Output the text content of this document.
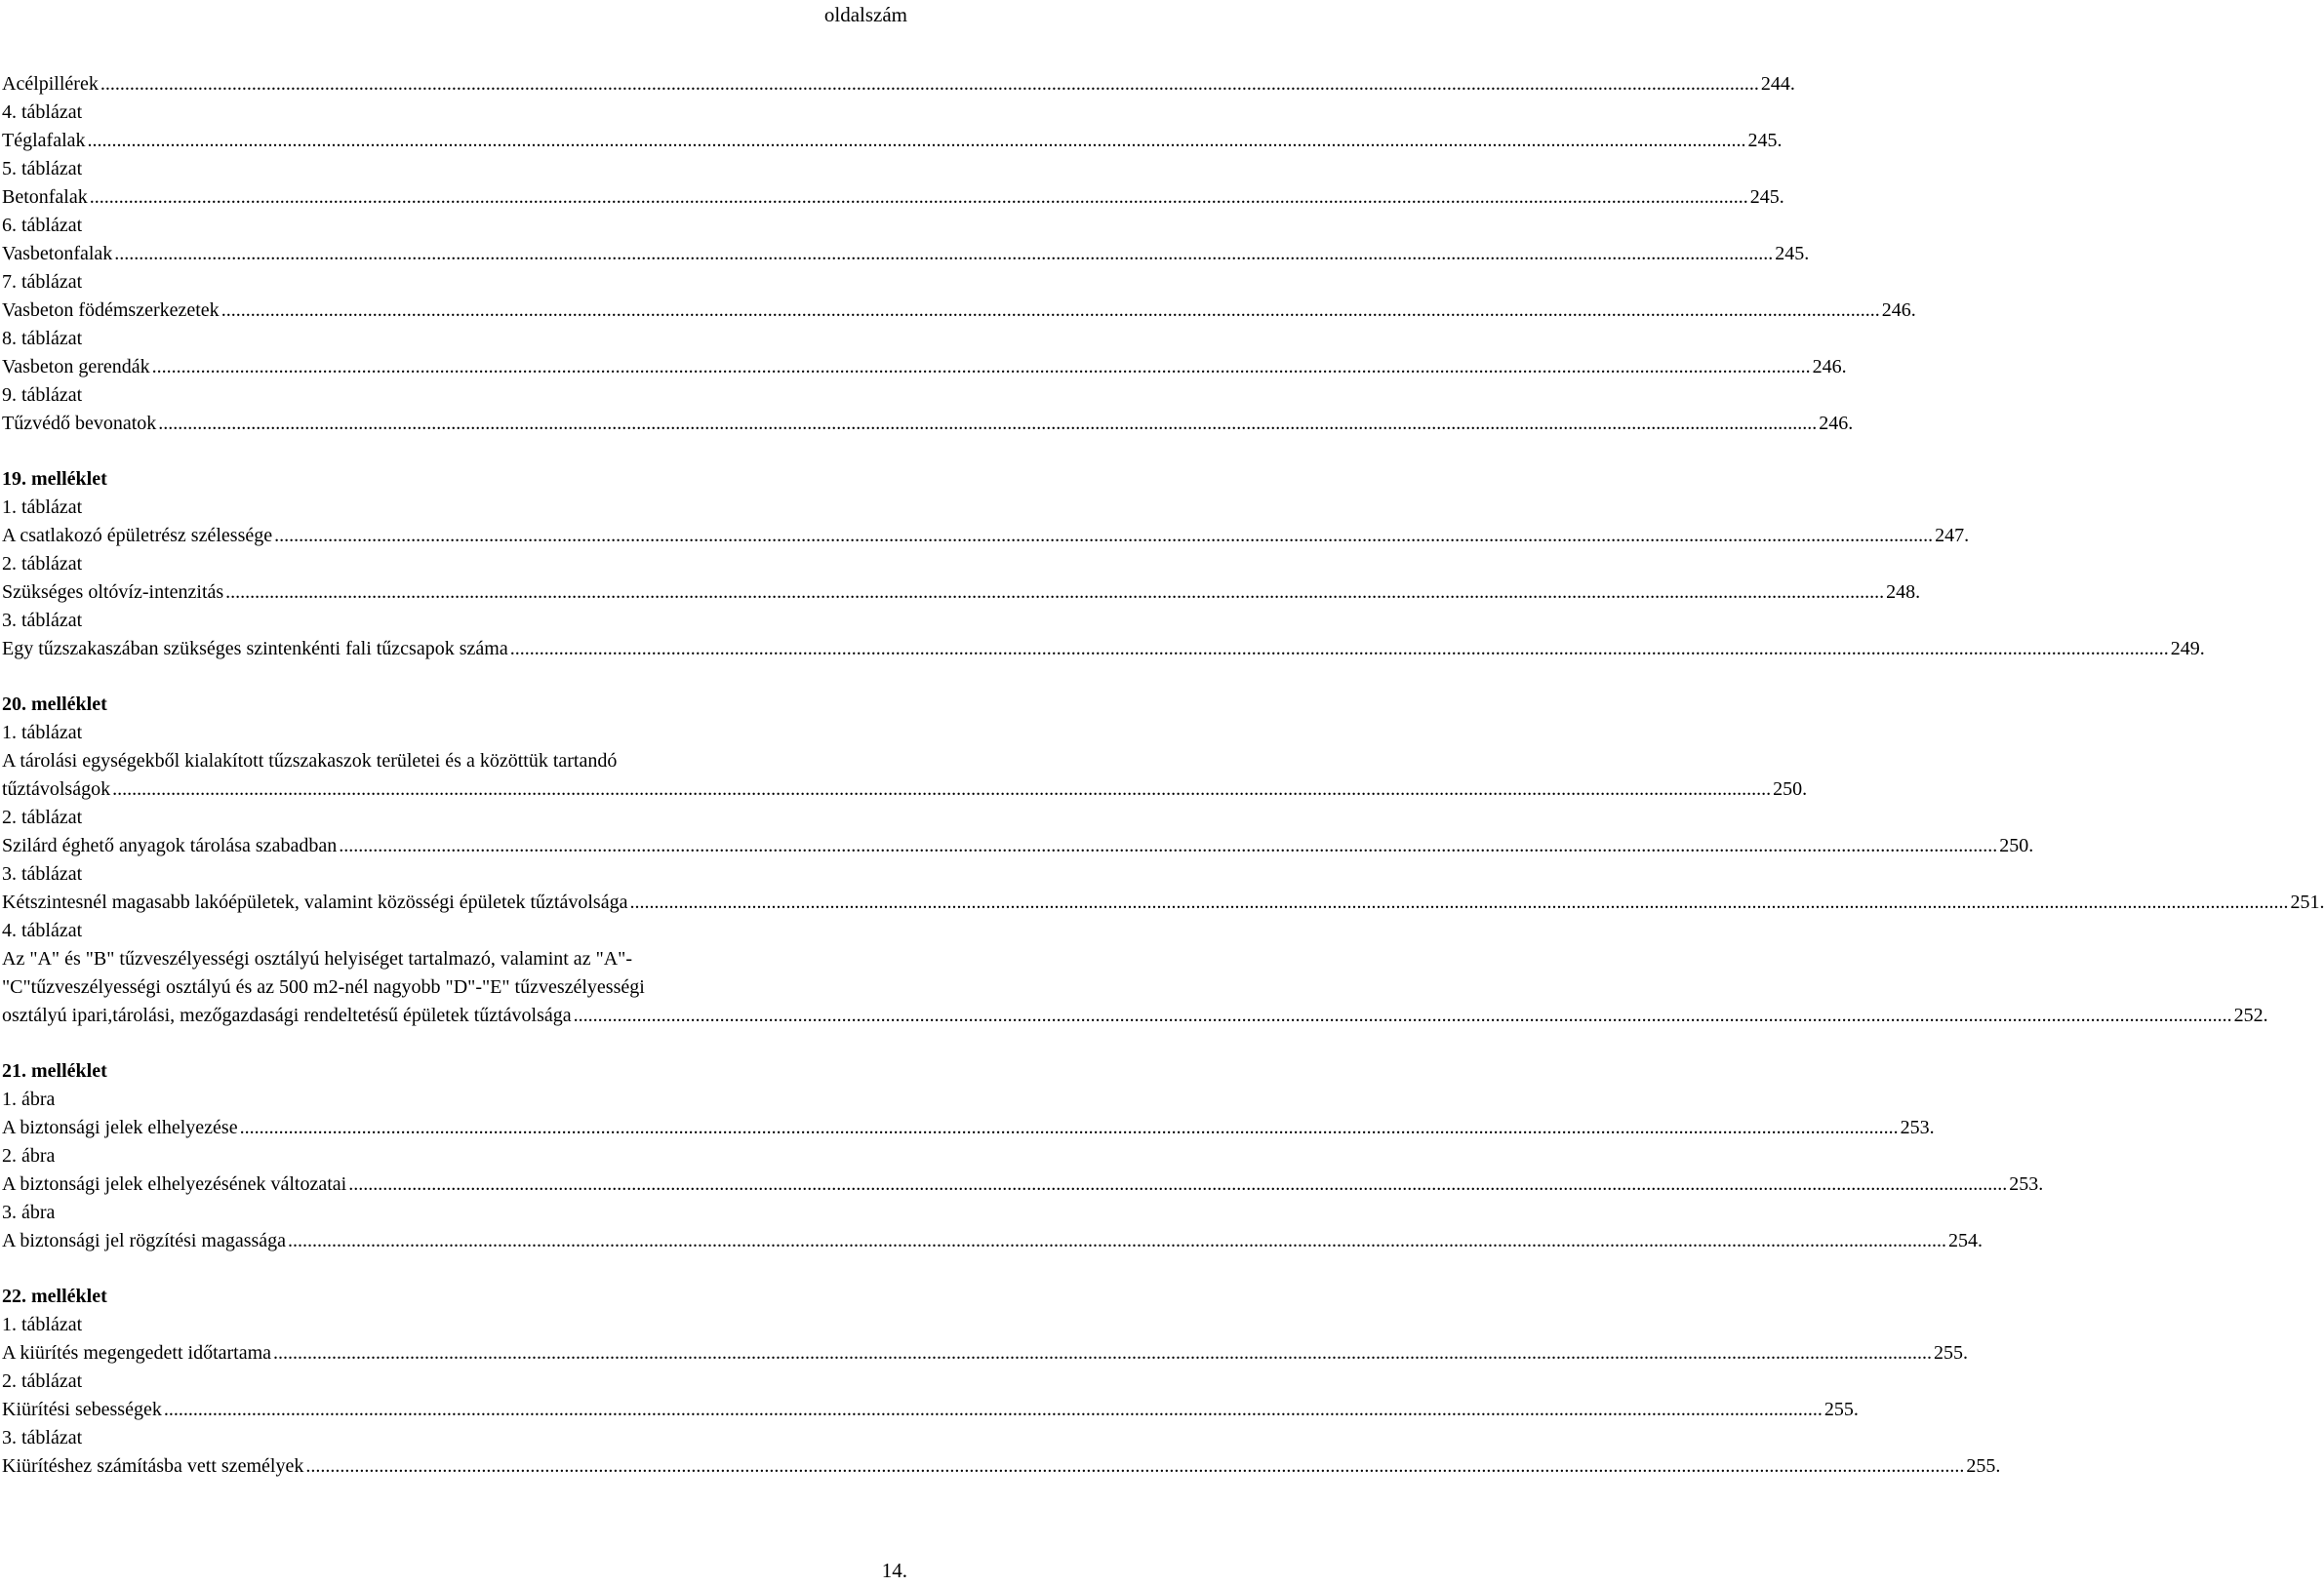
oldalszám
Acélpillérek .....	244.
4. táblázat
Téglafalak .....	245.
5. táblázat
Betonfalak .....	245.
6. táblázat
Vasbetonfalak .....	245.
7. táblázat
Vasbeton födémszerkezetek .....	246.
8. táblázat
Vasbeton gerendák .....	246.
9. táblázat
Tűzvédő bevonatok .....	246.
19. melléklet
1. táblázat
A csatlakozó épületrész szélessége .....	247.
2. táblázat
Szükséges oltóvíz-intenzitás .....	248.
3. táblázat
Egy tűzszakaszában szükséges szintenkénti fali tűzcsapok száma .....	249.
20. melléklet
1. táblázat
A tárolási egységekből kialakított tűzszakaszok területei és a közöttük tartandó
tűztávolságok .....	250.
2. táblázat
Szilárd éghető anyagok tárolása szabadban .....	250.
3. táblázat
Kétszintesnél magasabb lakóépületek, valamint közösségi épületek tűztávolsága .....	251.
4. táblázat
Az "A" és "B" tűzveszélyességi osztályú helyiséget tartalmazó, valamint az "A"-
"C"tűzveszélyességi osztályú és az 500 m2-nél nagyobb "D"-"E" tűzveszélyességi
osztályú ipari,tárolási, mezőgazdasági rendeltetésű épületek tűztávolsága .....	252.
21. melléklet
1. ábra
A biztonsági jelek elhelyezése .....	253.
2. ábra
A biztonsági jelek elhelyezésének változatai .....	253.
3. ábra
A biztonsági jel rögzítési magassága .....	254.
22. melléklet
1. táblázat
A kiürítés megengedett időtartama .....	255.
2. táblázat
Kiürítési sebességek .....	255.
3. táblázat
Kiürítéshez számításba vett személyek .....	255.
14.
